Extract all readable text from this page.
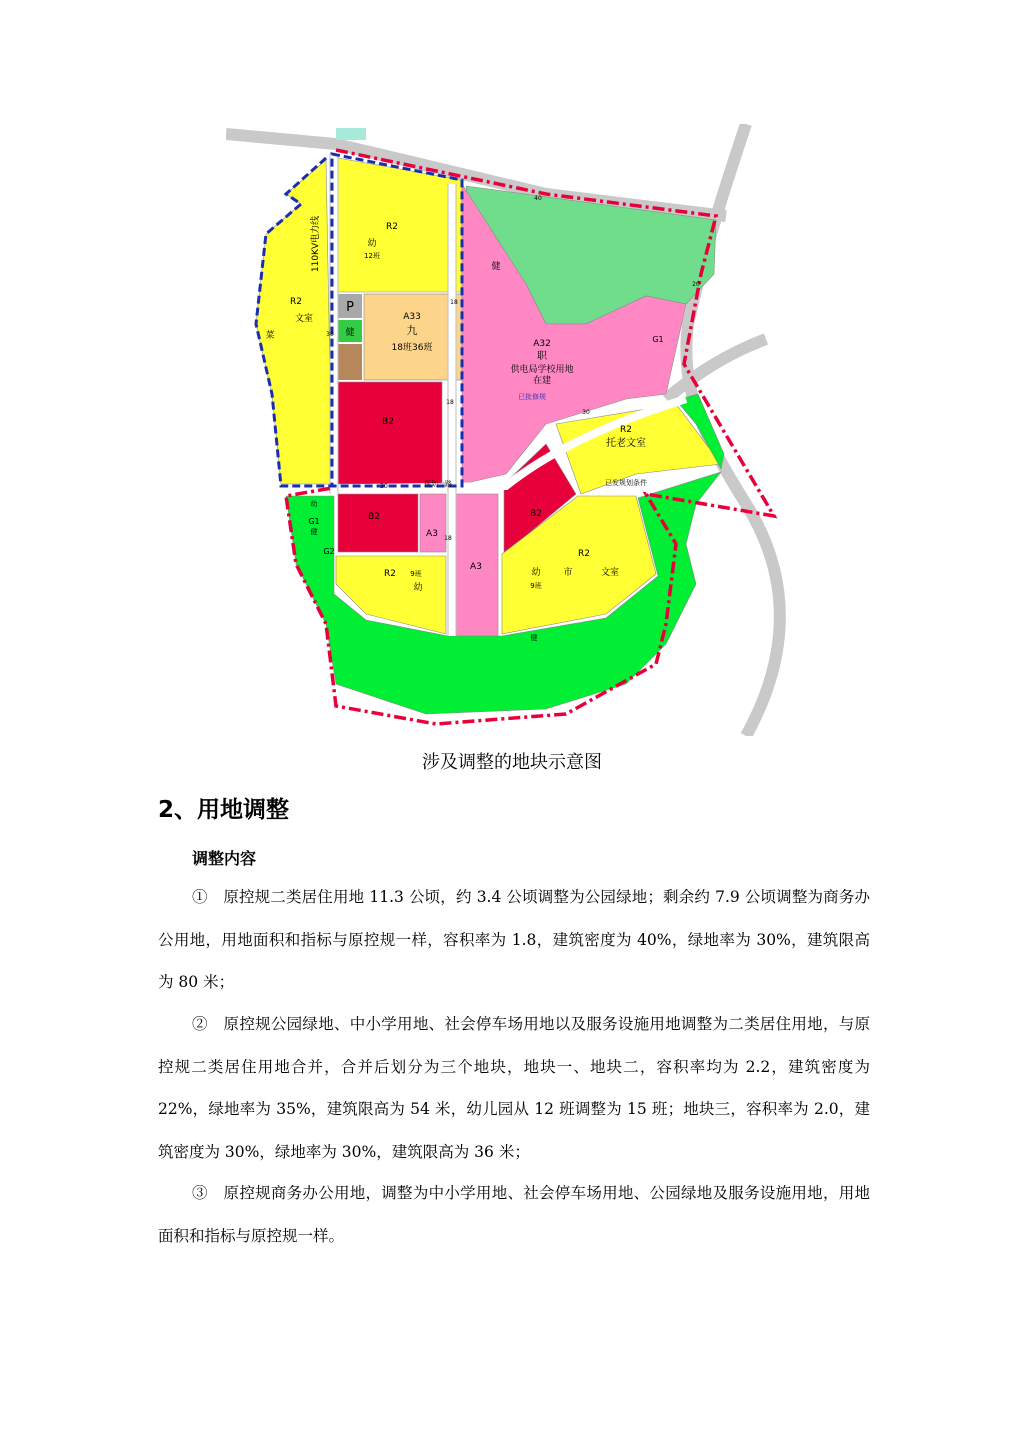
R2
文室
菜
R2
幼
12班
110KV电力线
P
健
A33
九
18班36班
B2
健
A32
职
供电局学校用地
在建
已批修规
R2
托老文室
已发规划条件
规划一路
幼
G1
健
G2
G1
B2
A3
A3
B2
R2 9班
幼
R2
幼	市	文室
9班
健
30
18
18
30
30
18
40
20
涉及调整的地块示意图
2、用地调整
调整内容

①　原控规二类居住用地 11.3 公顷，约 3.4 公顷调整为公园绿地；剩余约 7.9 公顷调整为商务办公用地，用地面积和指标与原控规一样，容积率为 1.8，建筑密度为 40%，绿地率为 30%，建筑限高为 80 米；

②　原控规公园绿地、中小学用地、社会停车场用地以及服务设施用地调整为二类居住用地，与原控规二类居住用地合并，合并后划分为三个地块，地块一、地块二，容积率均为 2.2，建筑密度为 22%，绿地率为 35%，建筑限高为 54 米，幼儿园从 12 班调整为 15 班；地块三，容积率为 2.0，建筑密度为 30%，绿地率为 30%，建筑限高为 36 米；

③　原控规商务办公用地，调整为中小学用地、社会停车场用地、公园绿地及服务设施用地，用地面积和指标与原控规一样。
